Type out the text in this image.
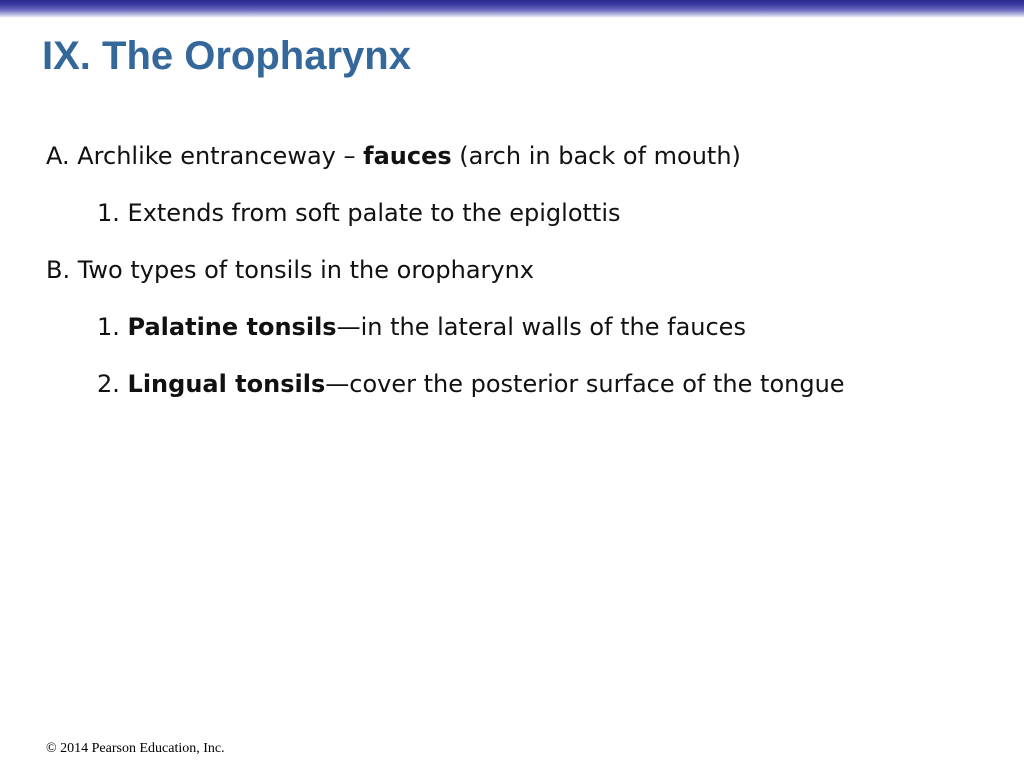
IX. The Oropharynx
A. Archlike entranceway – fauces (arch in back of mouth)
1. Extends from soft palate to the epiglottis
B. Two types of tonsils in the oropharynx
1. Palatine tonsils—in the lateral walls of the fauces
2. Lingual tonsils—cover the posterior surface of the tongue
© 2014 Pearson Education, Inc.
